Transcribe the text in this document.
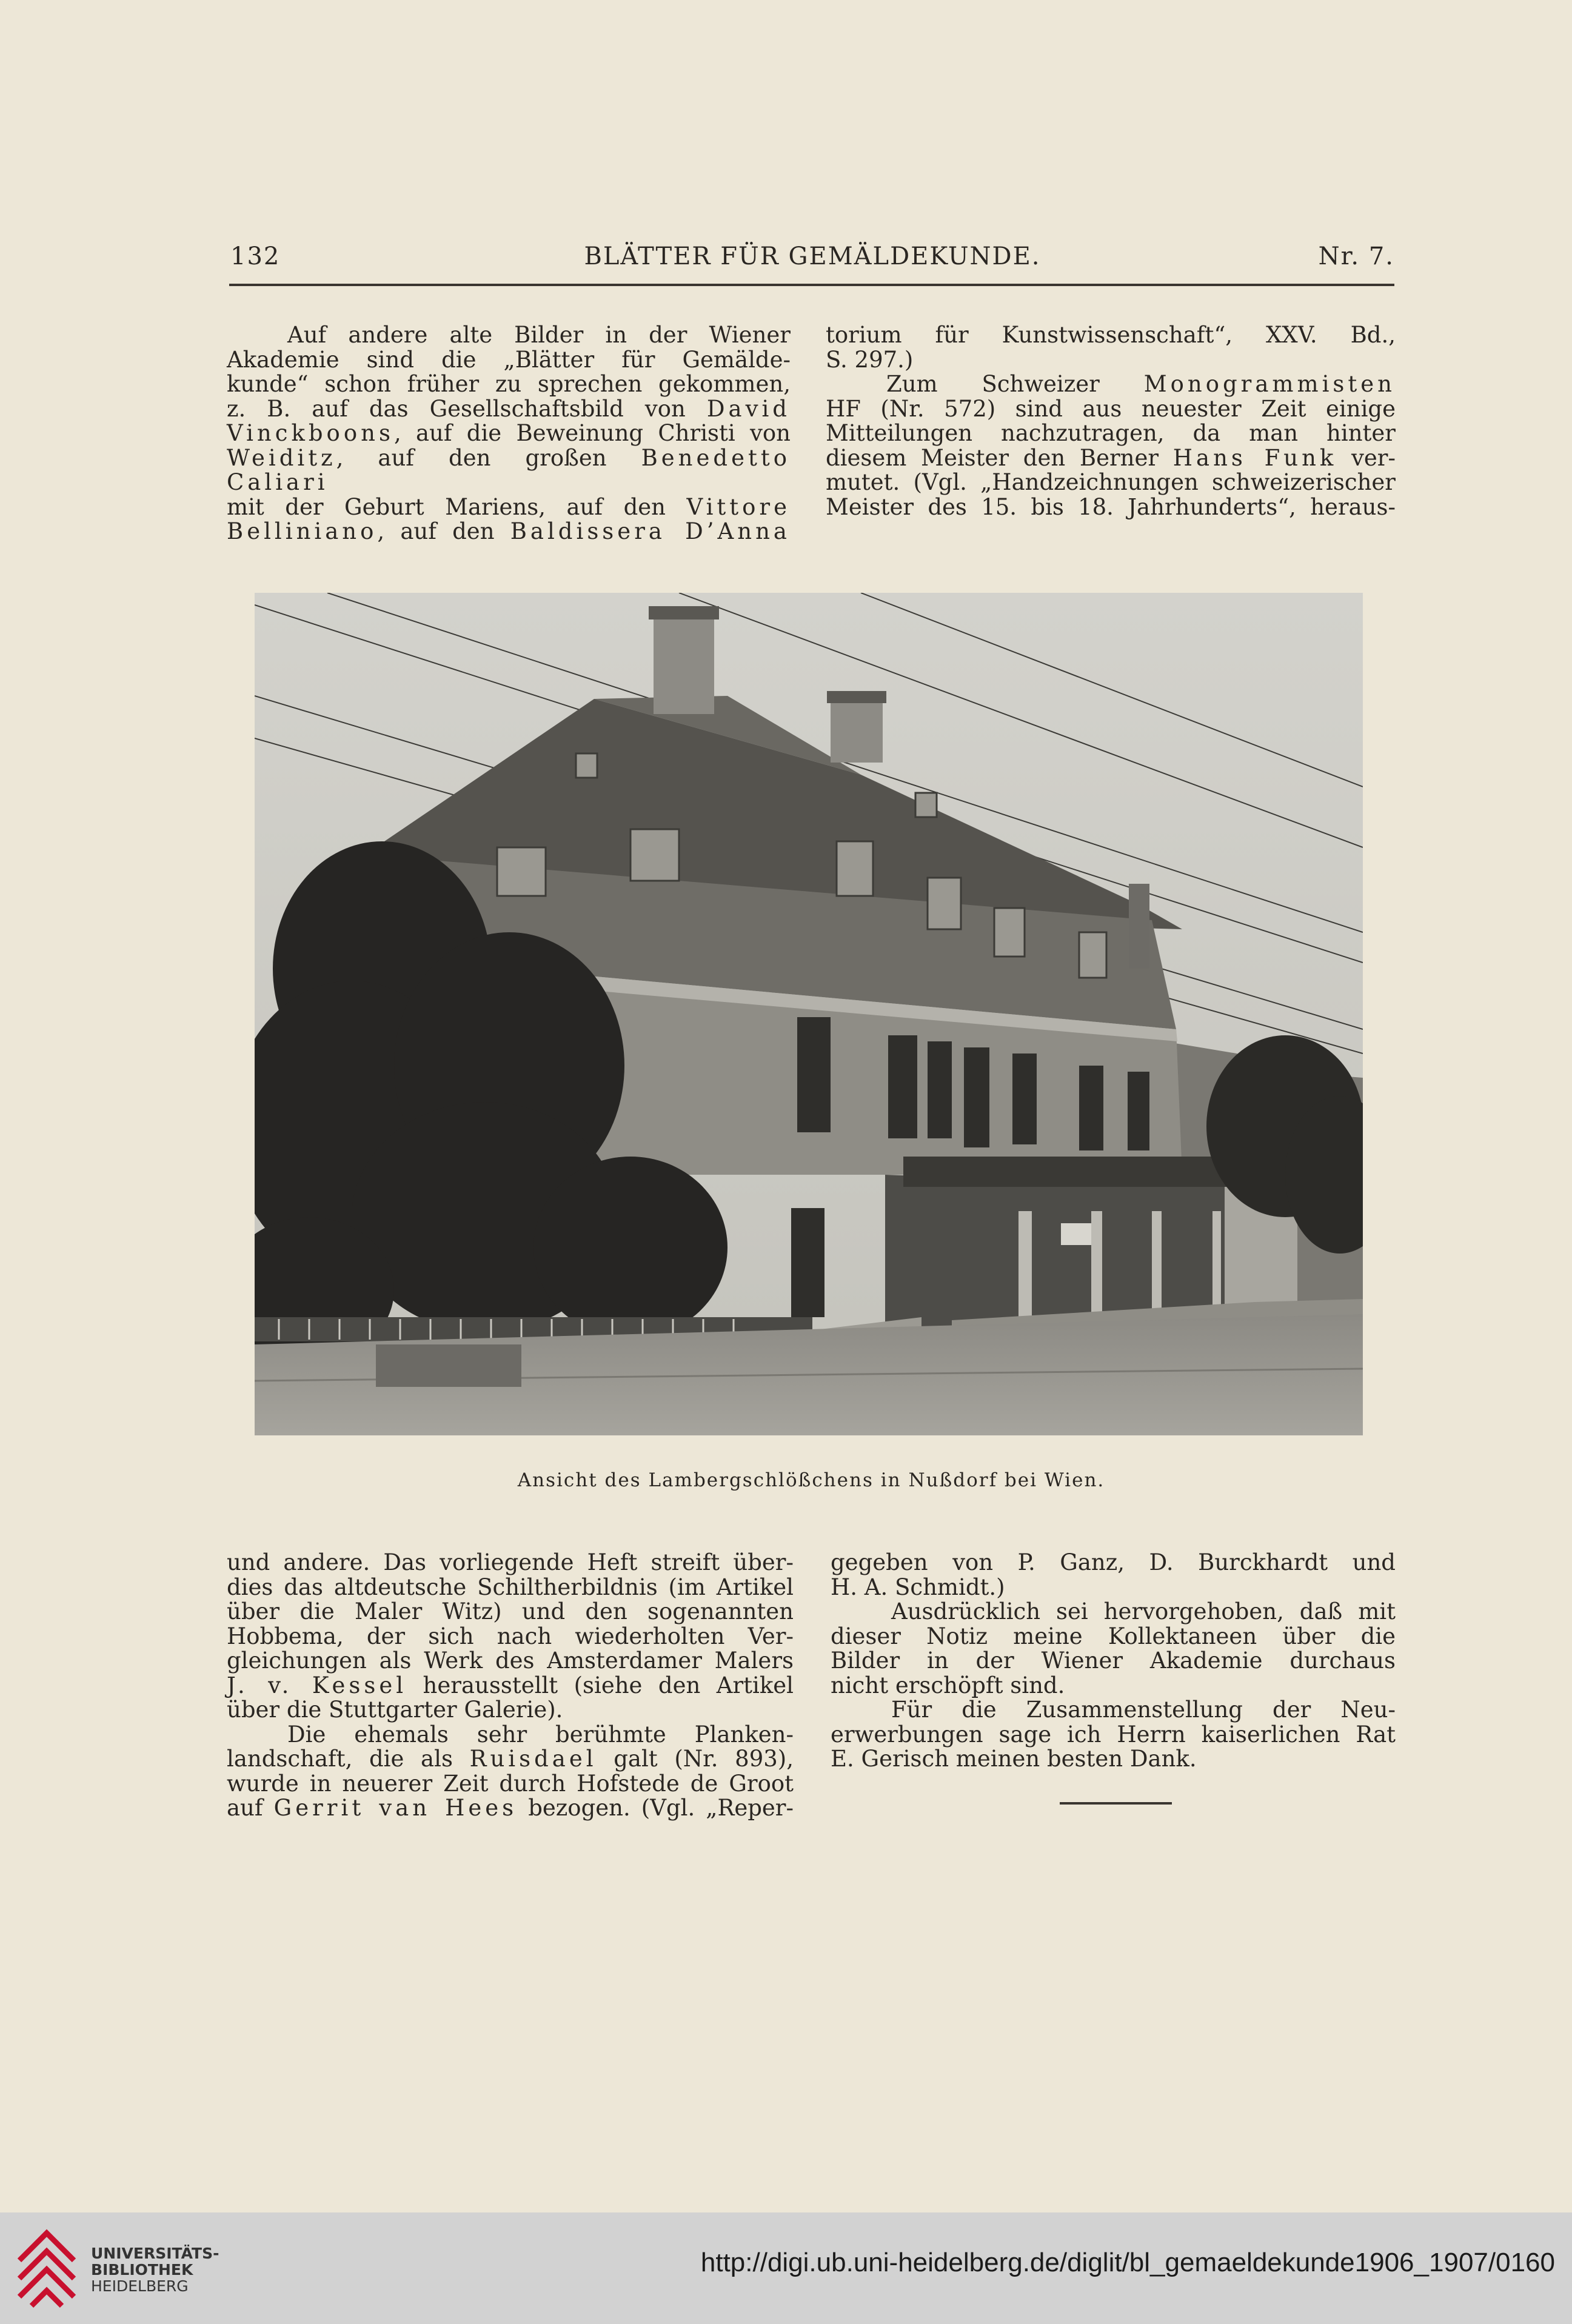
132	BLÄTTER FÜR GEMÄLDEKUNDE.	Nr. 7.

Auf andere alte Bilder in der Wiener

Akademie sind die „Blätter für Gemälde-

kunde“ schon früher zu sprechen gekommen,

z. B. auf das Gesellschaftsbild von David

Vinckboons, auf die Beweinung Christi von

Weiditz, auf den großen Benedetto Caliari

mit der Geburt Mariens, auf den Vittore

Belliniano, auf den Baldissera D’Anna

torium für Kunstwissenschaft“, XXV. Bd.,

S. 297.)

Zum Schweizer Monogrammisten

HF (Nr. 572) sind aus neuester Zeit einige

Mitteilungen nachzutragen, da man hinter

diesem Meister den Berner Hans Funk ver-

mutet. (Vgl. „Handzeichnungen schweizerischer

Meister des 15. bis 18. Jahrhunderts“, heraus-

Ansicht des Lambergschlößchens in Nußdorf bei Wien.

und andere. Das vorliegende Heft streift über-

dies das altdeutsche Schiltherbildnis (im Artikel

über die Maler Witz) und den sogenannten

Hobbema, der sich nach wiederholten Ver-

gleichungen als Werk des Amsterdamer Malers

J. v. Kessel herausstellt (siehe den Artikel

über die Stuttgarter Galerie).

Die ehemals sehr berühmte Planken-

landschaft, die als Ruisdael galt (Nr. 893),

wurde in neuerer Zeit durch Hofstede de Groot

auf Gerrit van Hees bezogen. (Vgl. „Reper-

gegeben von P. Ganz, D. Burckhardt und

H. A. Schmidt.)

Ausdrücklich sei hervorgehoben, daß mit

dieser Notiz meine Kollektaneen über die

Bilder in der Wiener Akademie durchaus

nicht erschöpft sind.

Für die Zusammenstellung der Neu-

erwerbungen sage ich Herrn kaiserlichen Rat

E. Gerisch meinen besten Dank.

UNIVERSITÄTS-
BIBLIOTHEK
HEIDELBERG
http://digi.ub.uni-heidelberg.de/diglit/bl_gemaeldekunde1906_1907/0160
